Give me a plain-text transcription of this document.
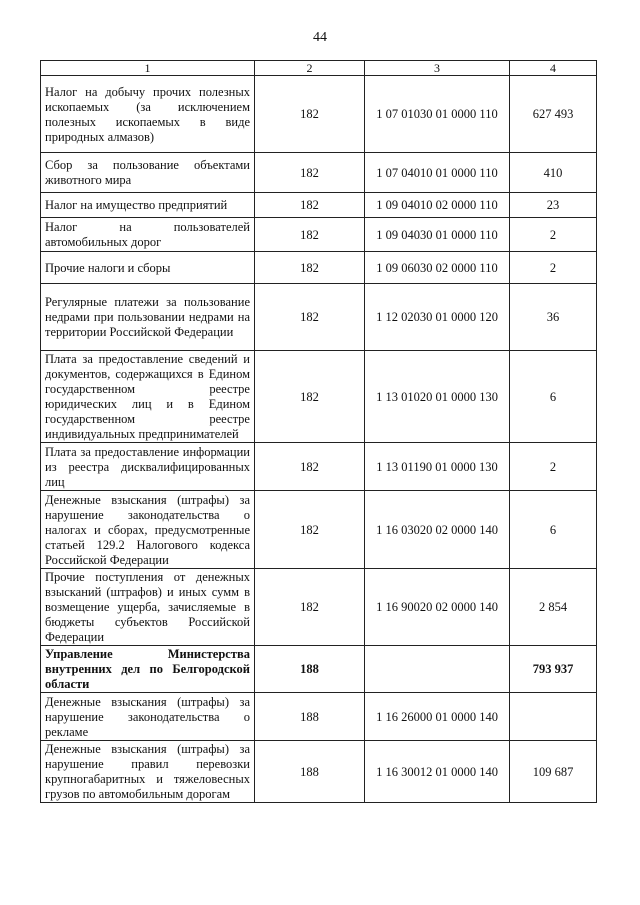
44
1	2	3	4
Налог на добычу прочих полезных ископаемых (за исключением полезных ископаемых в виде природных алмазов)	182	1 07 01030 01 0000 110	627 493
Сбор за пользование объектами животного мира	182	1 07 04010 01 0000 110	410
Налог на имущество предприятий	182	1 09 04010 02 0000 110	23
Налог на пользователей автомобильных дорог	182	1 09 04030 01 0000 110	2
Прочие налоги и сборы	182	1 09 06030 02 0000 110	2
Регулярные платежи за пользование недрами при пользовании недрами на территории Российской Федерации	182	1 12 02030 01 0000 120	36
Плата за предоставление сведений и документов, содержащихся в Едином государственном реестре юридических лиц и в Едином государственном реестре индивидуальных предпринимателей	182	1 13 01020 01 0000 130	6
Плата за предоставление информации из реестра дисквалифицированных лиц	182	1 13 01190 01 0000 130	2
Денежные взыскания (штрафы) за нарушение законодательства о налогах и сборах, предусмотренные статьей 129.2 Налогового кодекса Российской Федерации	182	1 16 03020 02 0000 140	6
Прочие поступления от денежных взысканий (штрафов) и иных сумм в возмещение ущерба, зачисляемые в бюджеты субъектов Российской Федерации	182	1 16 90020 02 0000 140	2 854
Управление Министерства внутренних дел по Белгородской области	188		793 937
Денежные взыскания (штрафы) за нарушение законодательства о рекламе	188	1 16 26000 01 0000 140	
Денежные взыскания (штрафы) за нарушение правил перевозки крупногабаритных и тяжеловесных грузов по автомобильным дорогам	188	1 16 30012 01 0000 140	109 687
